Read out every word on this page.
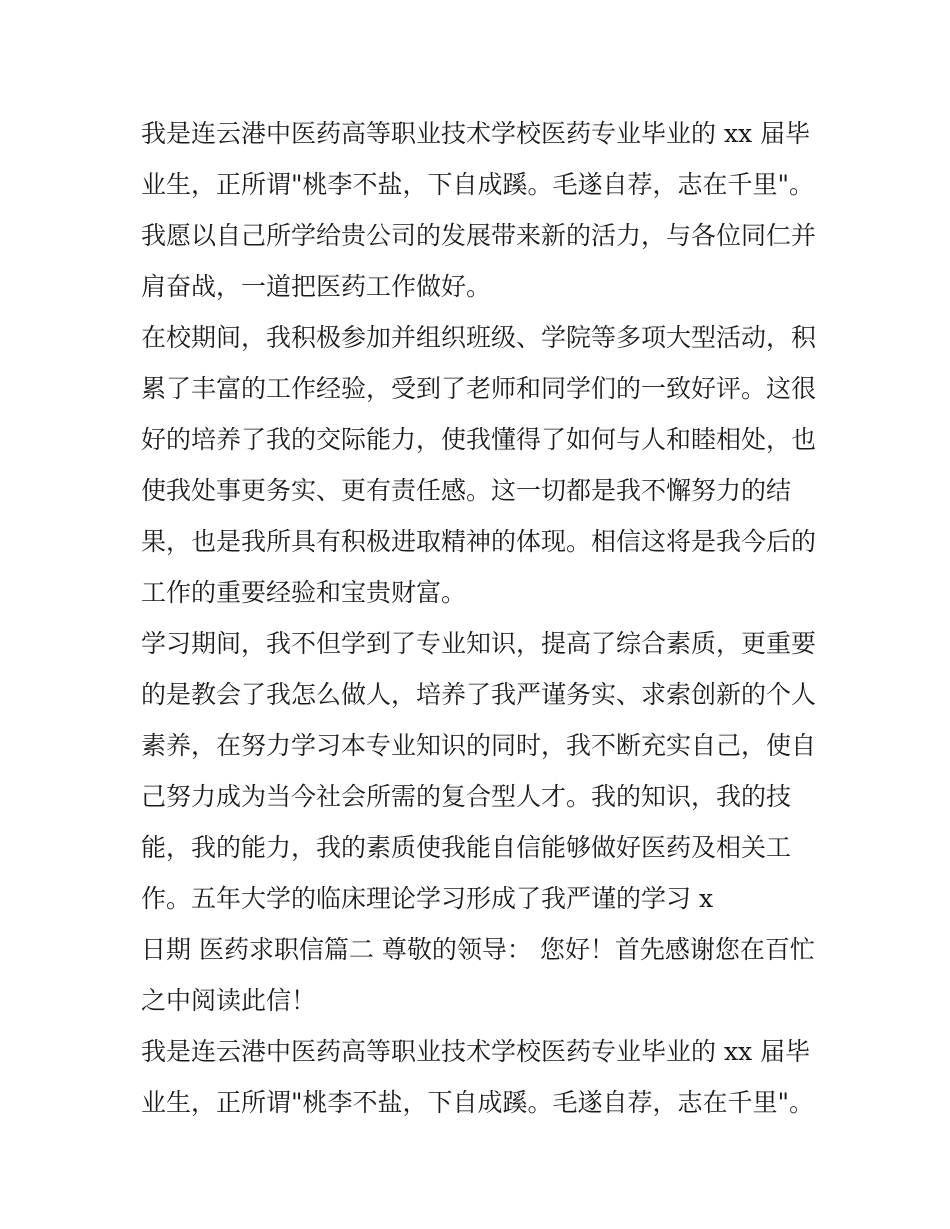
我是连云港中医药高等职业技术学校医药专业毕业的 xx 届毕
业生，正所谓"桃李不盐，下自成蹊。毛遂自荐，志在千里"。
我愿以自己所学给贵公司的发展带来新的活力，与各位同仁并
肩奋战，一道把医药工作做好。
在校期间，我积极参加并组织班级、学院等多项大型活动，积
累了丰富的工作经验，受到了老师和同学们的一致好评。这很
好的培养了我的交际能力，使我懂得了如何与人和睦相处，也
使我处事更务实、更有责任感。这一切都是我不懈努力的结
果，也是我所具有积极进取精神的体现。相信这将是我今后的
工作的重要经验和宝贵财富。
学习期间，我不但学到了专业知识，提高了综合素质，更重要
的是教会了我怎么做人，培养了我严谨务实、求索创新的个人
素养，在努力学习本专业知识的同时，我不断充实自己，使自
己努力成为当今社会所需的复合型人才。我的知识，我的技
能，我的能力，我的素质使我能自信能够做好医药及相关工
作。五年大学的临床理论学习形成了我严谨的学习 x
日期 医药求职信篇二 尊敬的领导： 您好！首先感谢您在百忙
之中阅读此信！
我是连云港中医药高等职业技术学校医药专业毕业的 xx 届毕
业生，正所谓"桃李不盐，下自成蹊。毛遂自荐，志在千里"。
